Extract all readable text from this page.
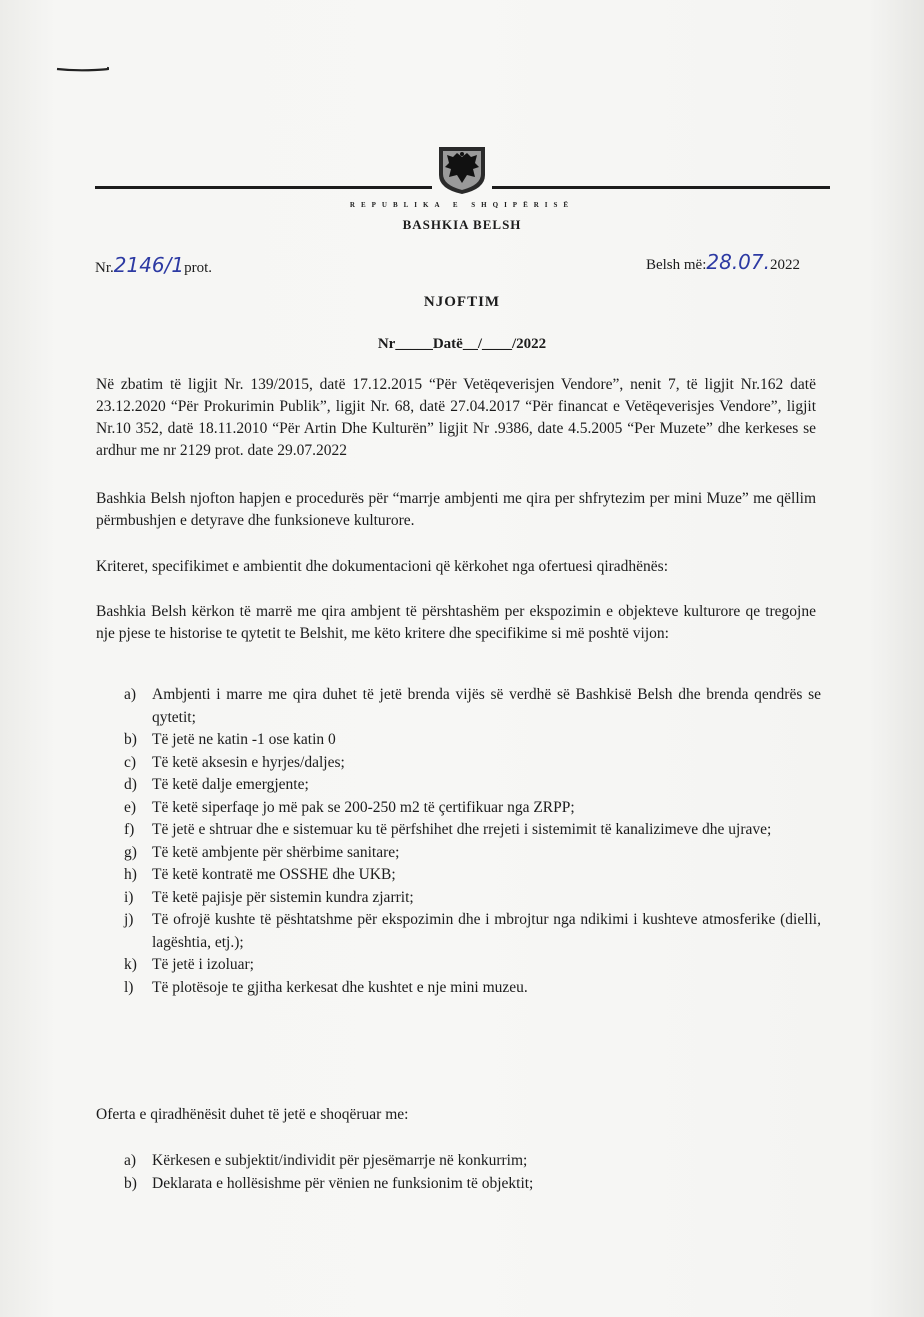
REPUBLIKA E SHQIPËRISË
BASHKIA BELSH
Nr.2146/1prot.	Belsh më:28.07.2022
NJOFTIM
Nr_____Datë__/____/2022
Në zbatim të ligjit Nr. 139/2015, datë 17.12.2015 “Për Vetëqeverisjen Vendore”, nenit 7, të ligjit Nr.162 datë 23.12.2020 “Për Prokurimin Publik”, ligjit Nr. 68, datë 27.04.2017 “Për financat e Vetëqeverisjes Vendore”, ligjit Nr.10 352, datë 18.11.2010 “Për Artin Dhe Kulturën” ligjit Nr .9386, date 4.5.2005 “Per Muzete” dhe kerkeses se ardhur me nr 2129 prot. date 29.07.2022
Bashkia Belsh njofton hapjen e procedurës për “marrje ambjenti me qira per shfrytezim per mini Muze” me qëllim përmbushjen e detyrave dhe funksioneve kulturore.
Kriteret, specifikimet e ambientit dhe dokumentacioni që kërkohet nga ofertuesi qiradhënës:
Bashkia Belsh kërkon të marrë me qira ambjent të përshtashëm per ekspozimin e objekteve kulturore qe tregojne nje pjese te historise te qytetit te Belshit, me këto kritere dhe specifikime si më poshtë vijon:
a) Ambjenti i marre me qira duhet të jetë brenda vijës së verdhë së Bashkisë Belsh dhe brenda qendrës se qytetit;
b) Të jetë ne katin -1 ose katin 0
c) Të ketë aksesin e hyrjes/daljes;
d) Të ketë dalje emergjente;
e) Të ketë siperfaqe jo më pak se 200-250 m2 të çertifikuar nga ZRPP;
f) Të jetë e shtruar dhe e sistemuar ku të përfshihet dhe rrejeti i sistemimit të kanalizimeve dhe ujrave;
g) Të ketë ambjente për shërbime sanitare;
h) Të ketë kontratë me OSSHE dhe UKB;
i) Të ketë pajisje për sistemin kundra zjarrit;
j) Të ofrojë kushte të pështatshme për ekspozimin dhe i mbrojtur nga ndikimi i kushteve atmosferike (dielli, lagështia, etj.);
k) Të jetë i izoluar;
l) Të plotësoje te gjitha kerkesat dhe kushtet e nje mini muzeu.
Oferta e qiradhënësit duhet të jetë e shoqëruar me:
a) Kërkesen e subjektit/individit për pjesëmarrje në konkurrim;
b) Deklarata e hollësishme për vënien ne funksionim të objektit;
